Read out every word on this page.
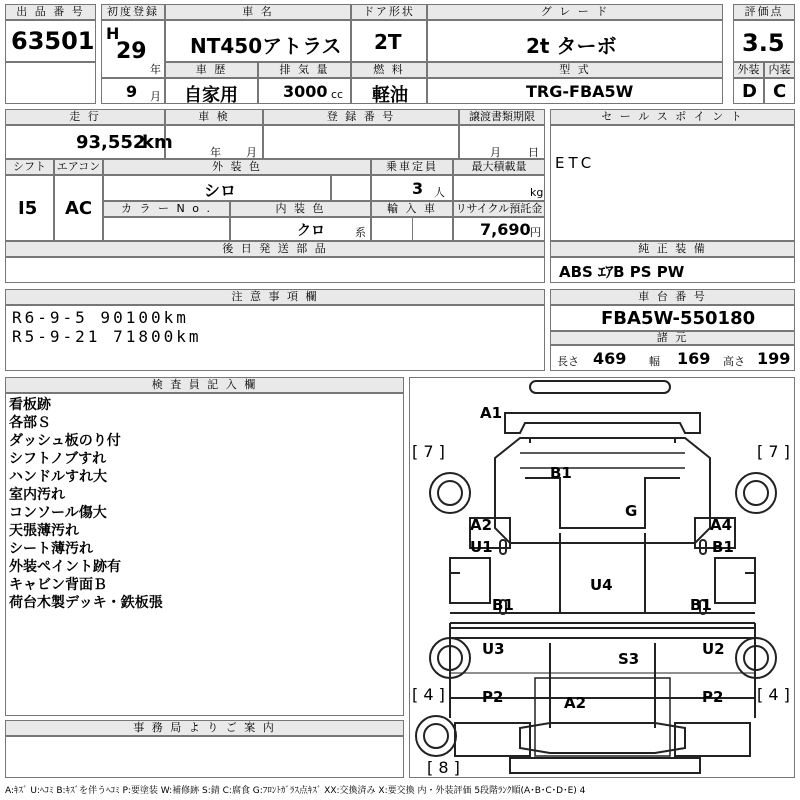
出 品 番 号
63501
初度登録
H
29
年
9 月
車 名
NT450アトラス
車 歴	排 気 量
自家用	3000 cc
ドア形状
2T
燃 料
軽油
グ レ ー ド
2t ターボ
型 式
TRG-FBA5W
評価点
3.5
外装 内装
D C
走 行
93,552
km
車 検
年 月
登 録 番 号	譲渡書類期限
月 日
シフト エアコン
I5 AC
外 装 色
シロ
乗車定員
3 人
最大積載量
kg
カ ラ ー N o .	内 装 色
クロ	系
輸 入 車	リサイクル預託金
7,690 円
後 日 発 送 部 品
セ ー ル ス ポ イ ン ト
ETC
純 正 装 備
ABS ｴｱB PS PW
注 意 事 項 欄
R6-9-5 90100km
R5-9-21 71800km
車 台 番 号
FBA5W-550180
諸 元
長さ 469 幅 169 高さ 199
検 査 員 記 入 欄
看板跡
各部Ｓ
ダッシュ板のり付
シフトノブすれ
ハンドルすれ大
室内汚れ
コンソール傷大
天張薄汚れ
シート薄汚れ
外装ペイント跡有
キャビン背面Ｂ
荷台木製デッキ・鉄板張
事 務 局 よ り ご 案 内
A1
B1
G
A2
U1
A4
B1
U4
B1	B1
U3	U2
S3
P2	A2	P2
[ 7 ]	[ 7 ]
[ 4 ]	[ 4 ]
[ 8 ]
A:ｷｽﾞ U:ﾍｺﾐ B:ｷｽﾞを伴うﾍｺﾐ P:要塗装 W:補修跡 S:錆 C:腐食 G:ﾌﾛﾝﾄｶﾞﾗｽ点ｷｽﾞ XX:交換済み X:要交換 内・外装評価 5段階ﾗﾝｸ順(A･B･C･D･E) 4
